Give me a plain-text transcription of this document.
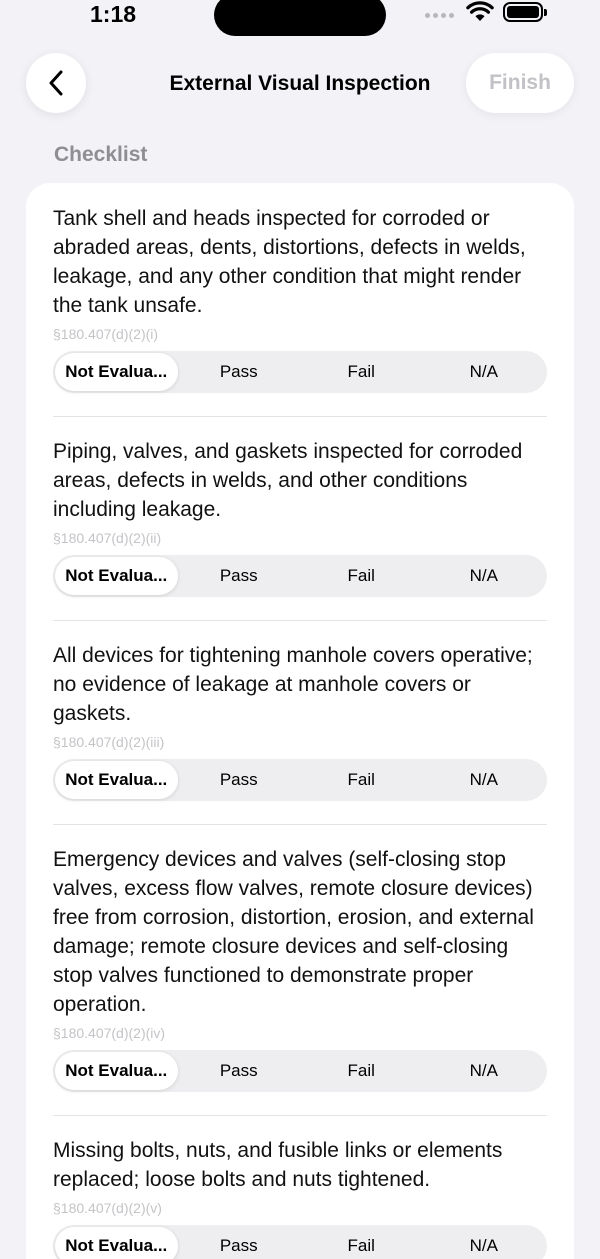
1:18
External Visual Inspection	Finish
Checklist
Tank shell and heads inspected for corroded or abraded areas, dents, distortions, defects in welds, leakage, and any other condition that might render the tank unsafe.
§180.407(d)(2)(i)
Not Evalua...	Pass	Fail	N/A
Piping, valves, and gaskets inspected for corroded areas, defects in welds, and other conditions including leakage.
§180.407(d)(2)(ii)
Not Evalua...	Pass	Fail	N/A
All devices for tightening manhole covers operative; no evidence of leakage at manhole covers or gaskets.
§180.407(d)(2)(iii)
Not Evalua...	Pass	Fail	N/A
Emergency devices and valves (self-closing stop valves, excess flow valves, remote closure devices) free from corrosion, distortion, erosion, and external damage; remote closure devices and self-closing stop valves functioned to demonstrate proper operation.
§180.407(d)(2)(iv)
Not Evalua...	Pass	Fail	N/A
Missing bolts, nuts, and fusible links or elements replaced; loose bolts and nuts tightened.
§180.407(d)(2)(v)
Not Evalua...	Pass	Fail	N/A
